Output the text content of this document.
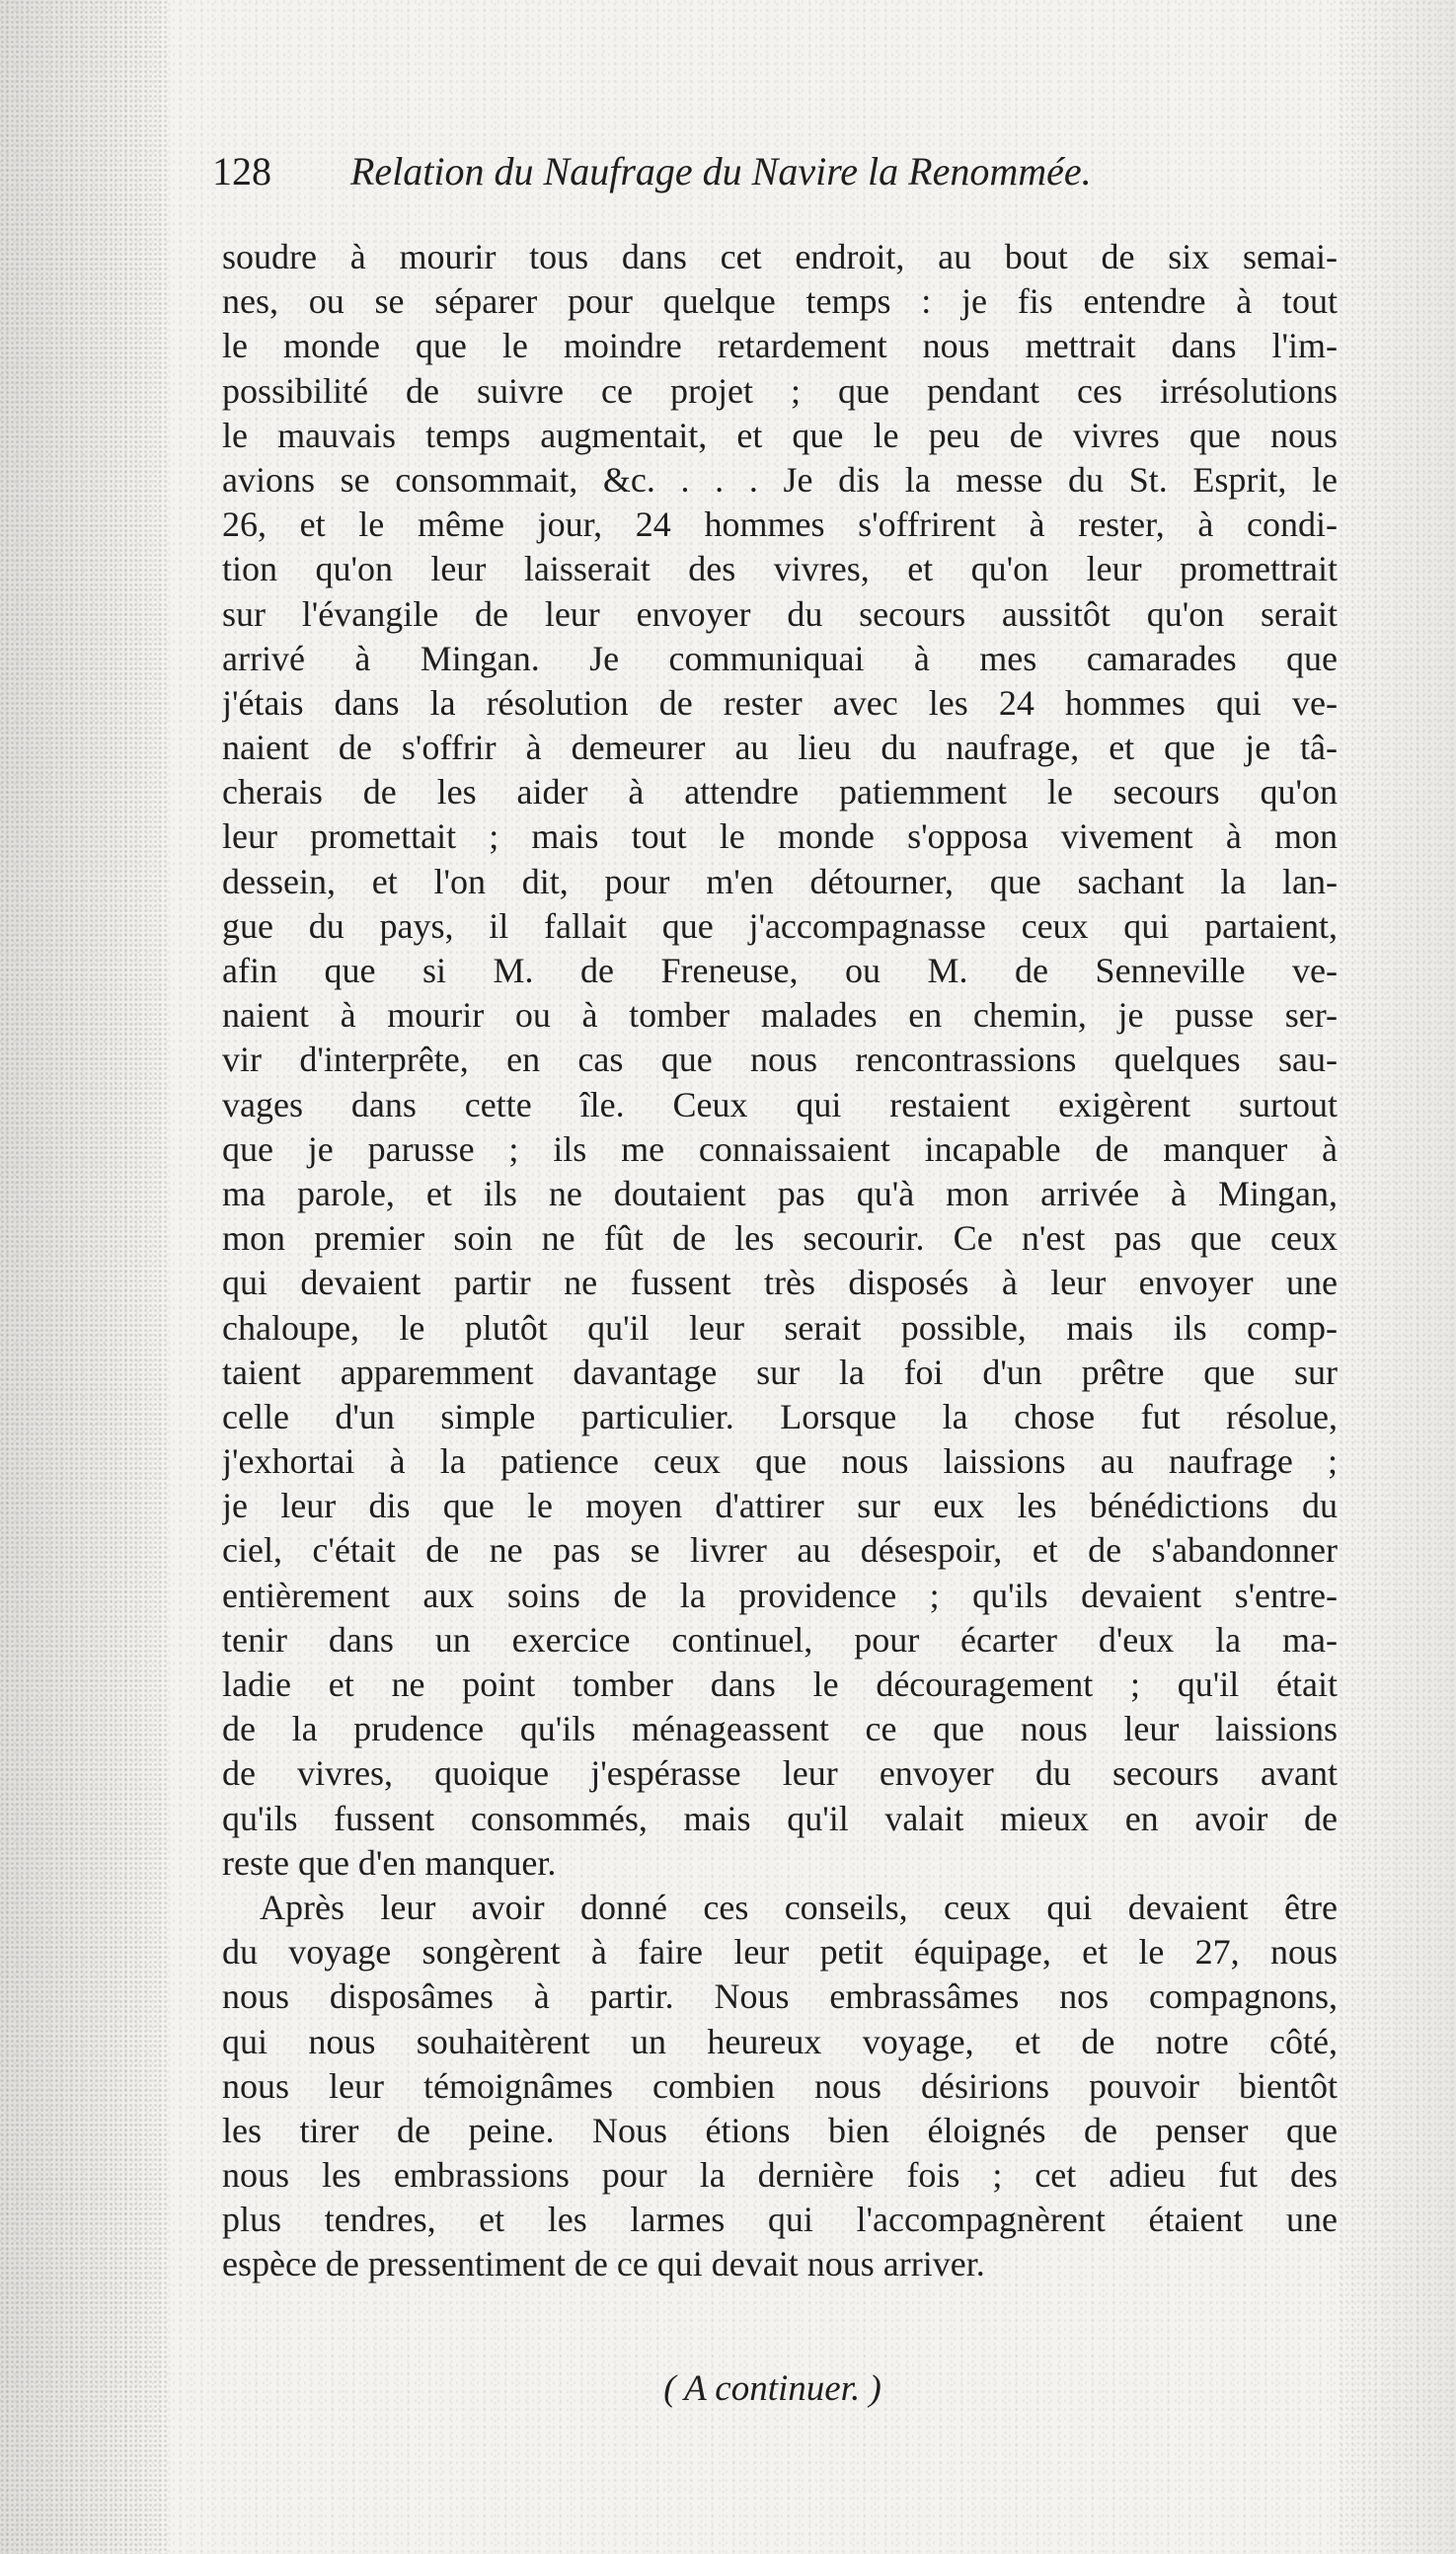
128	Relation du Naufrage du Navire la Renommée.
soudre à mourir tous dans cet endroit, au bout de six semai-
nes, ou se séparer pour quelque temps : je fis entendre à tout
le monde que le moindre retardement nous mettrait dans l'im-
possibilité de suivre ce projet ; que pendant ces irrésolutions
le mauvais temps augmentait, et que le peu de vivres que nous
avions se consommait, &c. . . . Je dis la messe du St. Esprit, le
26, et le même jour, 24 hommes s'offrirent à rester, à condi-
tion qu'on leur laisserait des vivres, et qu'on leur promettrait
sur l'évangile de leur envoyer du secours aussitôt qu'on serait
arrivé à Mingan. Je communiquai à mes camarades que
j'étais dans la résolution de rester avec les 24 hommes qui ve-
naient de s'offrir à demeurer au lieu du naufrage, et que je tâ-
cherais de les aider à attendre patiemment le secours qu'on
leur promettait ; mais tout le monde s'opposa vivement à mon
dessein, et l'on dit, pour m'en détourner, que sachant la lan-
gue du pays, il fallait que j'accompagnasse ceux qui partaient,
afin que si M. de Freneuse, ou M. de Senneville ve-
naient à mourir ou à tomber malades en chemin, je pusse ser-
vir d'interprête, en cas que nous rencontrassions quelques sau-
vages dans cette île. Ceux qui restaient exigèrent surtout
que je parusse ; ils me connaissaient incapable de manquer à
ma parole, et ils ne doutaient pas qu'à mon arrivée à Mingan,
mon premier soin ne fût de les secourir. Ce n'est pas que ceux
qui devaient partir ne fussent très disposés à leur envoyer une
chaloupe, le plutôt qu'il leur serait possible, mais ils comp-
taient apparemment davantage sur la foi d'un prêtre que sur
celle d'un simple particulier. Lorsque la chose fut résolue,
j'exhortai à la patience ceux que nous laissions au naufrage ;
je leur dis que le moyen d'attirer sur eux les bénédictions du
ciel, c'était de ne pas se livrer au désespoir, et de s'abandonner
entièrement aux soins de la providence ; qu'ils devaient s'entre-
tenir dans un exercice continuel, pour écarter d'eux la ma-
ladie et ne point tomber dans le découragement ; qu'il était
de la prudence qu'ils ménageassent ce que nous leur laissions
de vivres, quoique j'espérasse leur envoyer du secours avant
qu'ils fussent consommés, mais qu'il valait mieux en avoir de
reste que d'en manquer.
Après leur avoir donné ces conseils, ceux qui devaient être
du voyage songèrent à faire leur petit équipage, et le 27, nous
nous disposâmes à partir. Nous embrassâmes nos compagnons,
qui nous souhaitèrent un heureux voyage, et de notre côté,
nous leur témoignâmes combien nous désirions pouvoir bientôt
les tirer de peine. Nous étions bien éloignés de penser que
nous les embrassions pour la dernière fois ; cet adieu fut des
plus tendres, et les larmes qui l'accompagnèrent étaient une
espèce de pressentiment de ce qui devait nous arriver.
( A continuer. )
